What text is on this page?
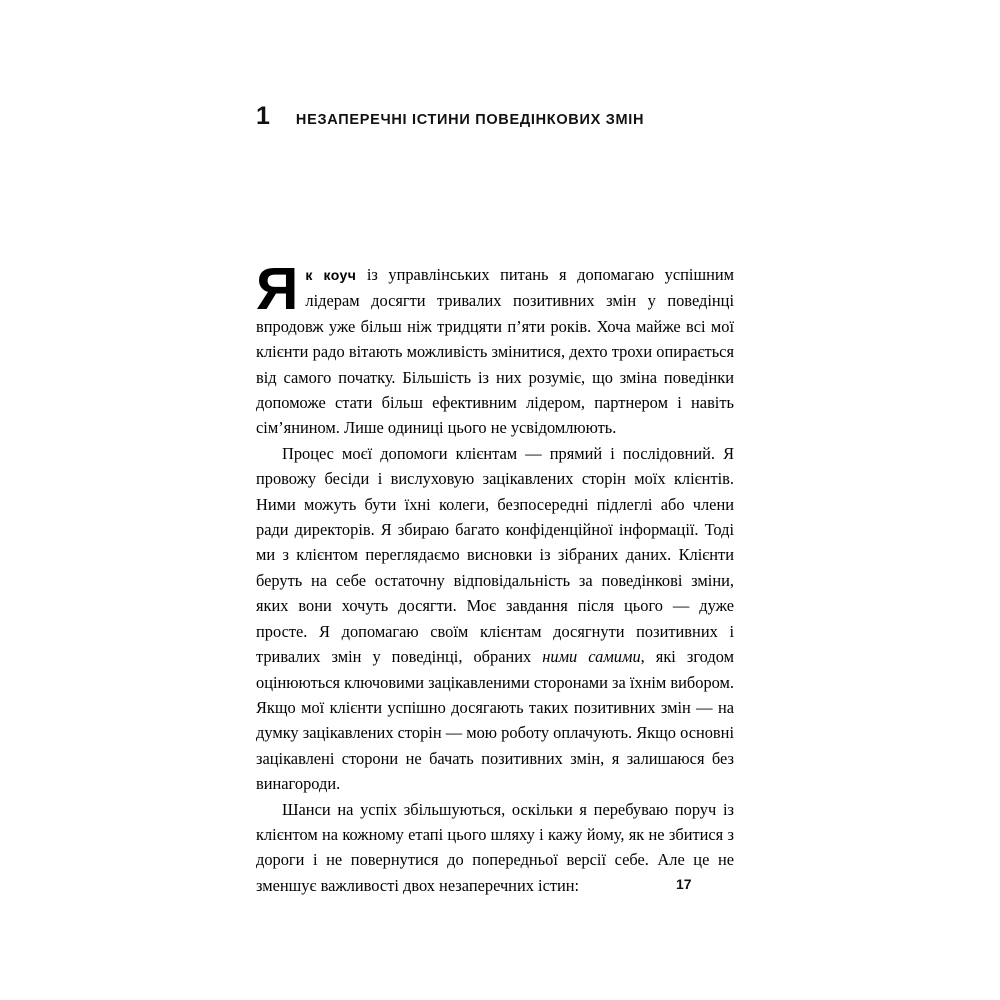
1 НЕЗАПЕРЕЧНІ ІСТИНИ ПОВЕДІНКОВИХ ЗМІН

Як коуч із управлінських питань я допомагаю успішним лідерам досягти тривалих позитивних змін у поведінці впродовж уже більш ніж тридцяти п’яти років. Хоча майже всі мої клієнти радо вітають можливість змінитися, дехто трохи опирається від самого початку. Більшість із них розуміє, що зміна поведінки допоможе стати більш ефективним лідером, партнером і навіть сім’янином. Лише одиниці цього не усвідомлюють.

Процес моєї допомоги клієнтам — прямий і послідовний. Я провожу бесіди і вислуховую зацікавлених сторін моїх клієнтів. Ними можуть бути їхні колеги, безпосередні підлеглі або члени ради директорів. Я збираю багато конфіденційної інформації. Тоді ми з клієнтом переглядаємо висновки із зібраних даних. Клієнти беруть на себе остаточну відповідальність за поведінкові зміни, яких вони хочуть досягти. Моє завдання після цього — дуже просте. Я допомагаю своїм клієнтам досягнути позитивних і тривалих змін у поведінці, обраних ними самими, які згодом оцінюються ключовими зацікавленими сторонами за їхнім вибором. Якщо мої клієнти успішно досягають таких позитивних змін — на думку зацікавлених сторін — мою роботу оплачують. Якщо основні зацікавлені сторони не бачать позитивних змін, я залишаюся без винагороди.

Шанси на успіх збільшуються, оскільки я перебуваю поруч із клієнтом на кожному етапі цього шляху і кажу йому, як не збитися з дороги і не повернутися до попередньої версії себе. Але це не зменшує важливості двох незаперечних істин:	17
